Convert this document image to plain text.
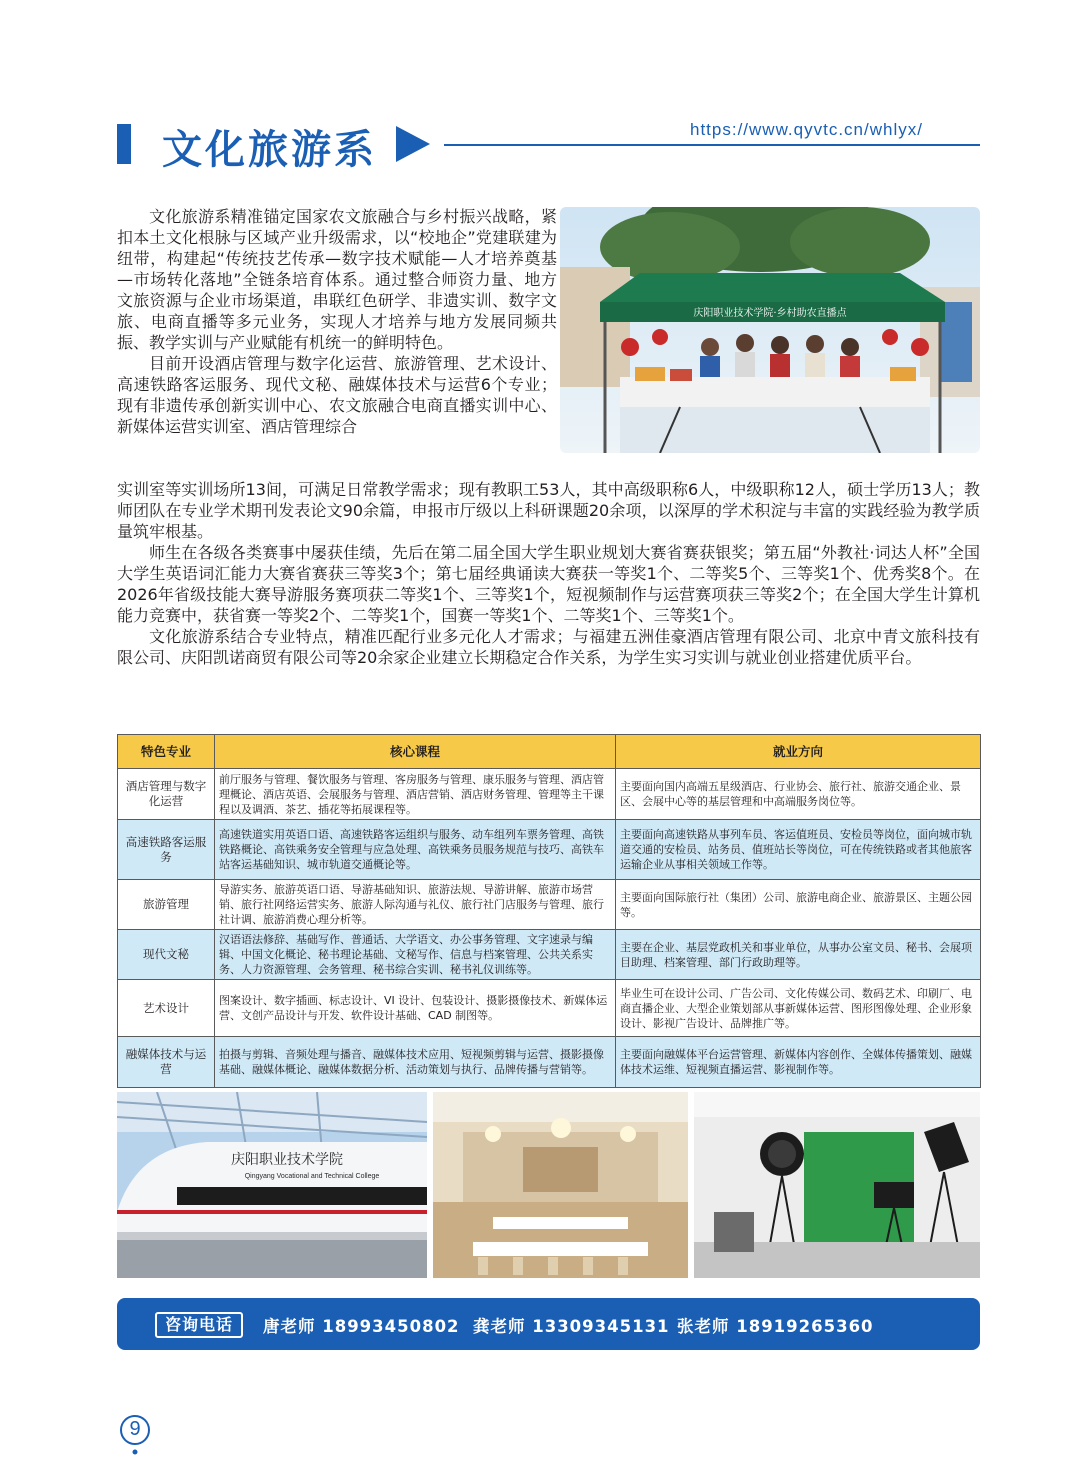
文化旅游系	https://www.qyvtc.cn/whlyx/

文化旅游系精准锚定国家农文旅融合与乡村振兴战略，紧扣本土文化根脉与区域产业升级需求，以“校地企”党建联建为纽带，构建起“传统技艺传承—数字技术赋能—人才培养奠基—市场转化落地”全链条培育体系。通过整合师资力量、地方文旅资源与企业市场渠道，串联红色研学、非遗实训、数字文旅、电商直播等多元业务，实现人才培养与地方发展同频共振、教学实训与产业赋能有机统一的鲜明特色。

目前开设酒店管理与数字化运营、旅游管理、艺术设计、高速铁路客运服务、现代文秘、融媒体技术与运营6个专业；现有非遗传承创新实训中心、农文旅融合电商直播实训中心、新媒体运营实训室、酒店管理综合

庆阳职业技术学院·乡村助农直播点

实训室等实训场所13间，可满足日常教学需求；现有教职工53人，其中高级职称6人，中级职称12人，硕士学历13人；教师团队在专业学术期刊发表论文90余篇，申报市厅级以上科研课题20余项，以深厚的学术积淀与丰富的实践经验为教学质量筑牢根基。

师生在各级各类赛事中屡获佳绩，先后在第二届全国大学生职业规划大赛省赛获银奖；第五届“外教社·词达人杯”全国大学生英语词汇能力大赛省赛获三等奖3个；第七届经典诵读大赛获一等奖1个、二等奖5个、三等奖1个、优秀奖8个。在2026年省级技能大赛导游服务赛项获二等奖1个、三等奖1个，短视频制作与运营赛项获三等奖2个；在全国大学生计算机能力竞赛中，获省赛一等奖2个、二等奖1个，国赛一等奖1个、二等奖1个、三等奖1个。

文化旅游系结合专业特点，精准匹配行业多元化人才需求；与福建五洲佳豪酒店管理有限公司、北京中青文旅科技有限公司、庆阳凯诺商贸有限公司等20余家企业建立长期稳定合作关系，为学生实习实训与就业创业搭建优质平台。

特色专业	核心课程	就业方向
酒店管理与数字化运营	前厅服务与管理、餐饮服务与管理、客房服务与管理、康乐服务与管理、酒店管理概论、酒店英语、会展服务与管理、酒店营销、酒店财务管理、管理等主干课程以及调酒、茶艺、插花等拓展课程等。	主要面向国内高端五星级酒店、行业协会、旅行社、旅游交通企业、景区、会展中心等的基层管理和中高端服务岗位等。
高速铁路客运服务	高速铁道实用英语口语、高速铁路客运组织与服务、动车组列车票务管理、高铁铁路概论、高铁乘务安全管理与应急处理、高铁乘务员服务规范与技巧、高铁车站客运基础知识、城市轨道交通概论等。	主要面向高速铁路从事列车员、客运值班员、安检员等岗位，面向城市轨道交通的安检员、站务员、值班站长等岗位，可在传统铁路或者其他旅客运输企业从事相关领域工作等。
旅游管理	导游实务、旅游英语口语、导游基础知识、旅游法规、导游讲解、旅游市场营销、旅行社网络运营实务、旅游人际沟通与礼仪、旅行社门店服务与管理、旅行社计调、旅游消费心理分析等。	主要面向国际旅行社（集团）公司、旅游电商企业、旅游景区、主题公园等。
现代文秘	汉语语法修辞、基础写作、普通话、大学语文、办公事务管理、文字速录与编辑、中国文化概论、秘书理论基础、文秘写作、信息与档案管理、公共关系实务、人力资源管理、会务管理、秘书综合实训、秘书礼仪训练等。	主要在企业、基层党政机关和事业单位，从事办公室文员、秘书、会展项目助理、档案管理、部门行政助理等。
艺术设计	图案设计、数字插画、标志设计、VI 设计、包装设计、摄影摄像技术、新媒体运营、文创产品设计与开发、软件设计基础、CAD 制图等。	毕业生可在设计公司、广告公司、文化传媒公司、数码艺术、印刷厂、电商直播企业、大型企业策划部从事新媒体运营、图形图像处理、企业形象设计、影视广告设计、品牌推广等。
融媒体技术与运营	拍摄与剪辑、音频处理与播音、融媒体技术应用、短视频剪辑与运营、摄影摄像基础、融媒体概论、融媒体数据分析、活动策划与执行、品牌传播与营销等。	主要面向融媒体平台运营管理、新媒体内容创作、全媒体传播策划、融媒体技术运维、短视频直播运营、影视制作等。
庆阳职业技术学院
Qingyang Vocational and Technical College
咨询电话	唐老师 18993450802 龚老师 13309345131 张老师 18919265360
9
